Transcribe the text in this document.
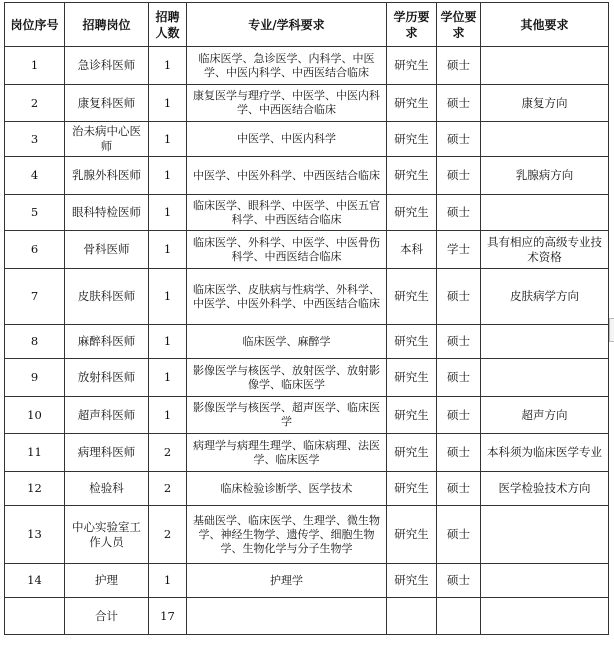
岗位序号	招聘岗位	招聘人数	专业/学科要求	学历要求	学位要求	其他要求
1	急诊科医师	1	临床医学、急诊医学、内科学、中医学、中医内科学、中西医结合临床	研究生	硕士	
2	康复科医师	1	康复医学与理疗学、中医学、中医内科学、中西医结合临床	研究生	硕士	康复方向
3	治未病中心医师	1	中医学、中医内科学	研究生	硕士	
4	乳腺外科医师	1	中医学、中医外科学、中西医结合临床	研究生	硕士	乳腺病方向
5	眼科特检医师	1	临床医学、眼科学、中医学、中医五官科学、中西医结合临床	研究生	硕士	
6	骨科医师	1	临床医学、外科学、中医学、中医骨伤科学、中西医结合临床	本科	学士	具有相应的高级专业技术资格
7	皮肤科医师	1	临床医学、皮肤病与性病学、外科学、中医学、中医外科学、中西医结合临床	研究生	硕士	皮肤病学方向
8	麻醉科医师	1	临床医学、麻醉学	研究生	硕士	
9	放射科医师	1	影像医学与核医学、放射医学、放射影像学、临床医学	研究生	硕士	
10	超声科医师	1	影像医学与核医学、超声医学、临床医学	研究生	硕士	超声方向
11	病理科医师	2	病理学与病理生理学、临床病理、法医学、临床医学	研究生	硕士	本科须为临床医学专业
12	检验科	2	临床检验诊断学、医学技术	研究生	硕士	医学检验技术方向
13	中心实验室工作人员	2	基础医学、临床医学、生理学、微生物学、神经生物学、遗传学、细胞生物学、生物化学与分子生物学	研究生	硕士	
14	护理	1	护理学	研究生	硕士	
	合计	17				
